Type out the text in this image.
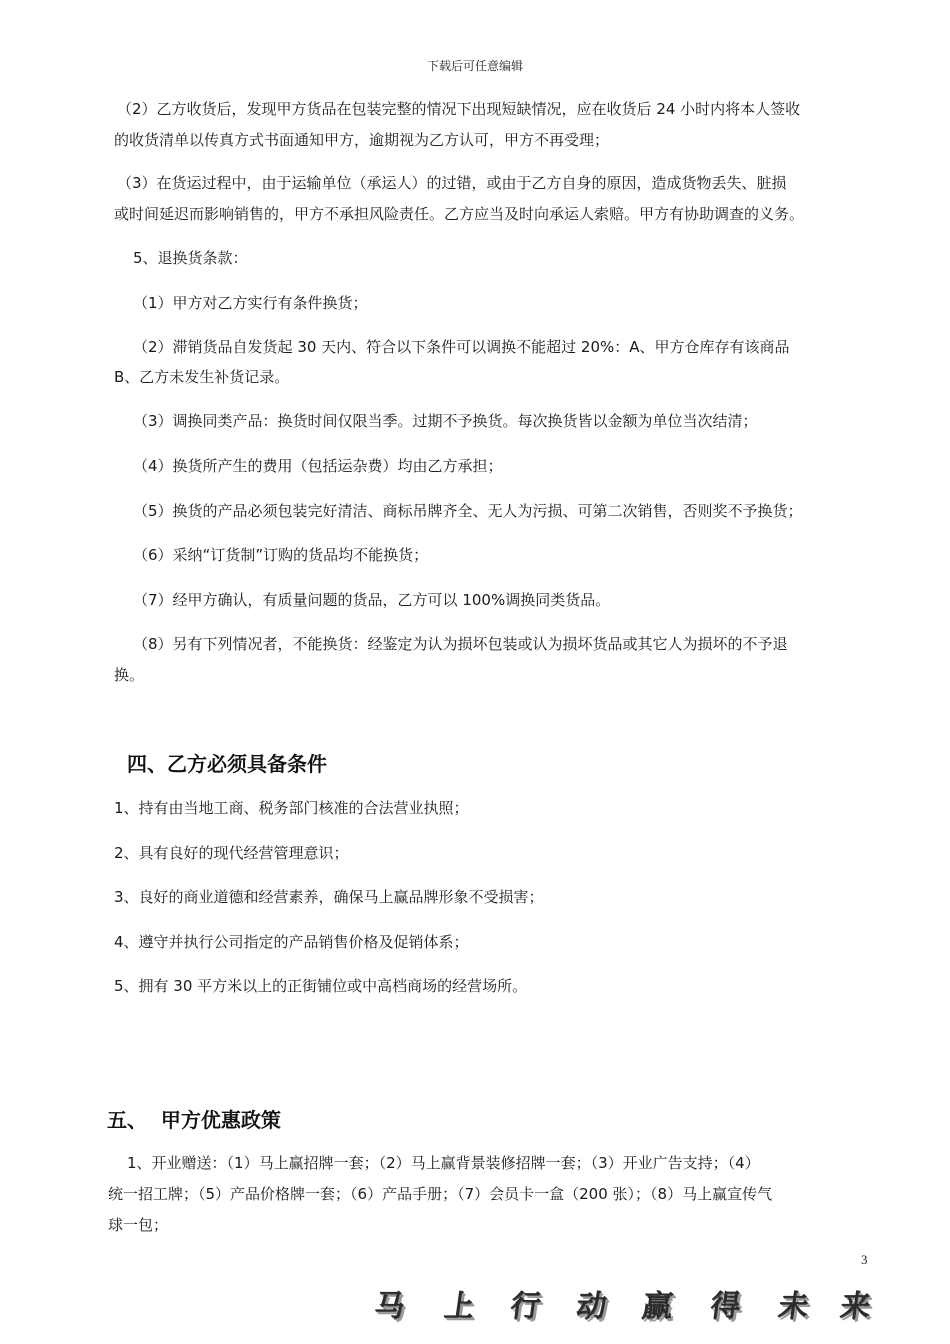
下载后可任意编辑
（2）乙方收货后，发现甲方货品在包装完整的情况下出现短缺情况，应在收货后 24 小时内将本人签收
的收货清单以传真方式书面通知甲方，逾期视为乙方认可，甲方不再受理；
（3）在货运过程中，由于运输单位（承运人）的过错，或由于乙方自身的原因，造成货物丢失、脏损
或时间延迟而影响销售的，甲方不承担风险责任。乙方应当及时向承运人索赔。甲方有协助调查的义务。
5、退换货条款：
（1）甲方对乙方实行有条件换货；
（2）滞销货品自发货起 30 天内、符合以下条件可以调换不能超过 20%：A、甲方仓库存有该商品
B、乙方未发生补货记录。
（3）调换同类产品：换货时间仅限当季。过期不予换货。每次换货皆以金额为单位当次结清；
（4）换货所产生的费用（包括运杂费）均由乙方承担；
（5）换货的产品必须包装完好清洁、商标吊牌齐全、无人为污损、可第二次销售，否则奖不予换货；
（6）采纳“订货制”订购的货品均不能换货；
（7）经甲方确认，有质量问题的货品，乙方可以 100%调换同类货品。
（8）另有下列情况者，不能换货：经鉴定为认为损坏包装或认为损坏货品或其它人为损坏的不予退
换。
四、乙方必须具备条件
1、持有由当地工商、税务部门核准的合法营业执照；
2、具有良好的现代经营管理意识；
3、良好的商业道德和经营素养，确保马上赢品牌形象不受损害；
4、遵守并执行公司指定的产品销售价格及促销体系；
5、拥有 30 平方米以上的正街铺位或中高档商场的经营场所。
五、  甲方优惠政策
1、开业赠送：（1）马上赢招牌一套；（2）马上赢背景装修招牌一套；（3）开业广告支持；（4）
统一招工牌；（5）产品价格牌一套；（6）产品手册；（7）会员卡一盒（200 张）；（8）马上赢宣传气
球一包；
3
马 上 行 动 赢 得 未 来
